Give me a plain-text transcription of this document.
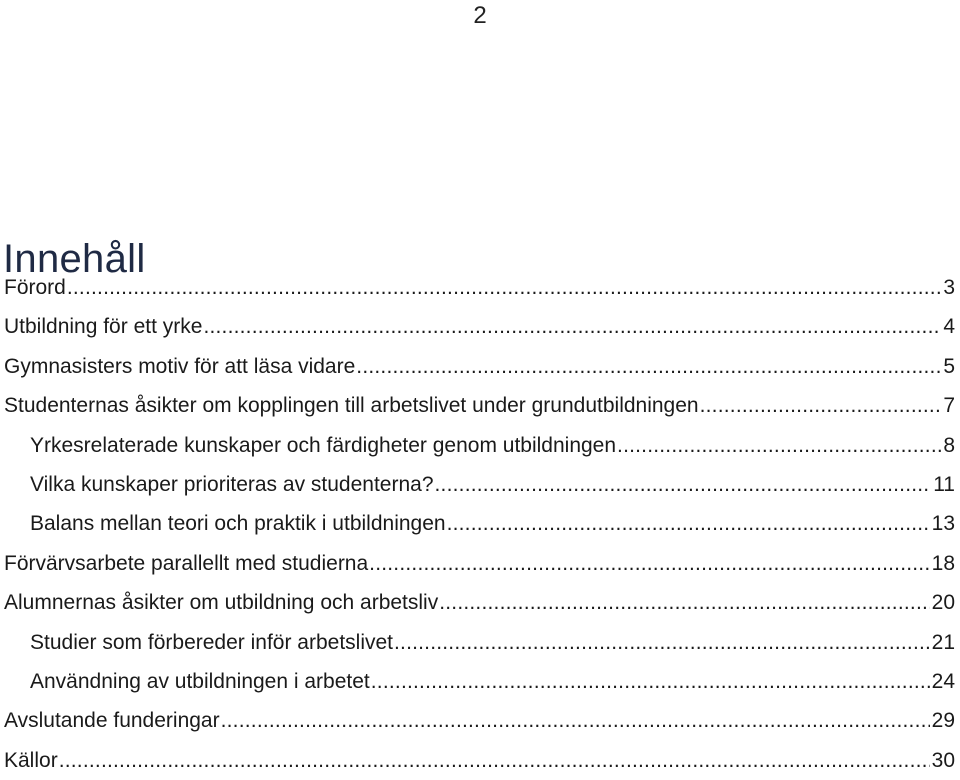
2
Innehåll
Förord .....	3
Utbildning för ett yrke .....	4
Gymnasisters motiv för att läsa vidare .....	5
Studenternas åsikter om kopplingen till arbetslivet under grundutbildningen .....	7
Yrkesrelaterade kunskaper och färdigheter genom utbildningen .....	8
Vilka kunskaper prioriteras av studenterna? .....	11
Balans mellan teori och praktik i utbildningen .....	13
Förvärvsarbete parallellt med studierna .....	18
Alumnernas åsikter om utbildning och arbetsliv .....	20
Studier som förbereder inför arbetslivet .....	21
Användning av utbildningen i arbetet .....	24
Avslutande funderingar .....	29
Källor .....	30
